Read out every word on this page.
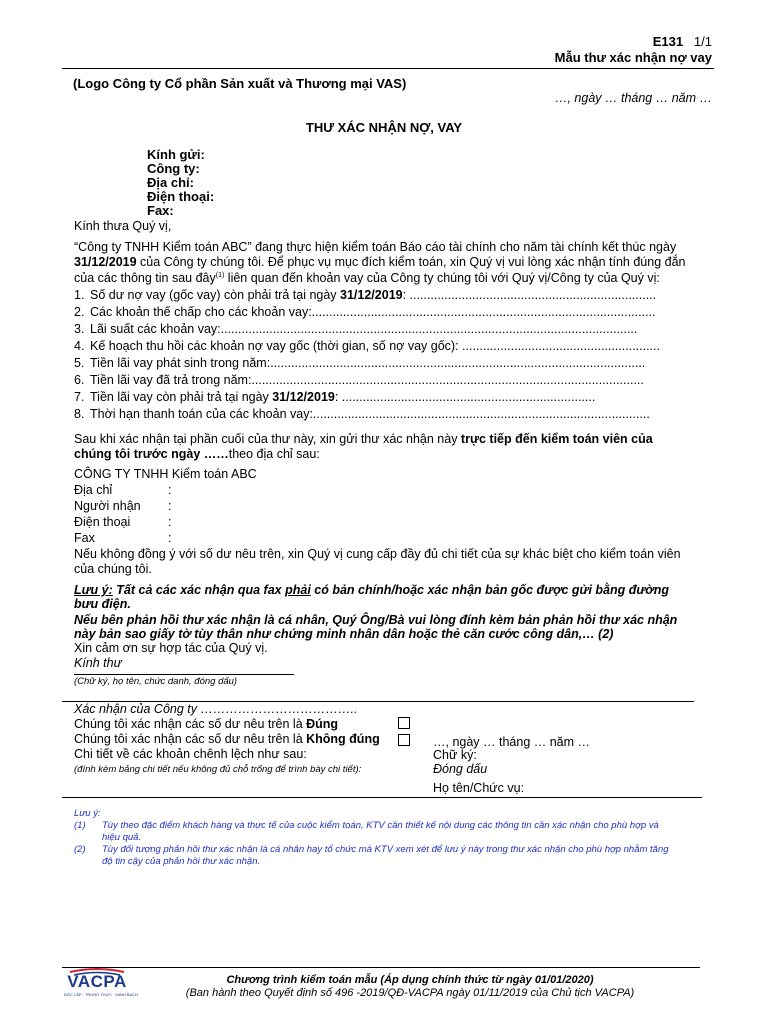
E131 1/1
Mẫu thư xác nhận nợ vay
(Logo Công ty Cổ phần Sản xuất và Thương mại VAS)
…, ngày … tháng … năm …
THƯ XÁC NHẬN NỢ, VAY
Kính gửi:
Công ty:
Địa chỉ:
Điện thoại:
Fax:
Kính thưa Quý vị,
“Công ty TNHH Kiểm toán ABC” đang thực hiện kiểm toán Báo cáo tài chính cho năm tài chính kết thúc ngày
31/12/2019 của Công ty chúng tôi. Để phục vụ mục đích kiểm toán, xin Quý vị vui lòng xác nhận tính đúng đắn
của các thông tin sau đây$^{(1)}$ liên quan đến khoản vay của Công ty chúng tôi với Quý vị/Công ty của Quý vị:
1. Số dư nợ vay (gốc vay) còn phải trả tại ngày 31/12/2019: .......................................................................
2. Các khoản thế chấp cho các khoản vay:...................................................................................................
3. Lãi suất các khoản vay:........................................................................................................................
4. Kế hoạch thu hồi các khoản nợ vay gốc (thời gian, số nợ vay gốc): .........................................................
5. Tiền lãi vay phát sinh trong năm:............................................................................................................
6. Tiền lãi vay đã trả trong năm:.................................................................................................................
7. Tiền lãi vay còn phải trả tại ngày 31/12/2019: .........................................................................
8. Thời hạn thanh toán của các khoản vay:.................................................................................................
Sau khi xác nhận tại phần cuối của thư này, xin gửi thư xác nhận này trực tiếp đến kiểm toán viên của
chúng tôi trước ngày ……theo địa chỉ sau:
CÔNG TY TNHH Kiểm toán ABC
Địa chỉ	:
Người nhận :
Điện thoại	:
Fax	:
Nếu không đồng ý với số dư nêu trên, xin Quý vị cung cấp đầy đủ chi tiết của sự khác biệt cho kiểm toán viên
của chúng tôi.
Lưu ý: Tất cả các xác nhận qua fax phải có bản chính/hoặc xác nhận bản gốc được gửi bằng đường
bưu điện.
Nếu bên phản hồi thư xác nhận là cá nhân, Quý Ông/Bà vui lòng đính kèm bản phản hồi thư xác nhận
này bản sao giấy tờ tùy thân như chứng minh nhân dân hoặc thẻ căn cước công dân,… (2)
Xin cảm ơn sự hợp tác của Quý vị.
Kính thư
(Chữ ký, họ tên, chức danh, đóng dấu)
Xác nhận của Công ty ………………………………..
Chúng tôi xác nhận các số dư nêu trên là Đúng
Chúng tôi xác nhận các số dư nêu trên là Không đúng
Chi tiết về các khoản chênh lệch như sau:
(đính kèm bảng chi tiết nếu không đủ chỗ trống để trình bày chi tiết):
…, ngày … tháng … năm …
Chữ ký:
Đóng dấu
Họ tên/Chức vụ:
Lưu ý:
(1)	Tùy theo đặc điểm khách hàng và thực tế của cuộc kiểm toán, KTV cần thiết kế nội dung các thông tin cần xác nhận cho phù hợp và
hiệu quả.
(2)	Tùy đối tượng phản hồi thư xác nhận là cá nhân hay tổ chức mà KTV xem xét để lưu ý này trong thư xác nhận cho phù hợp nhằm tăng
độ tin cậy của phản hồi thư xác nhận.
VACPA
ĐỘC LẬP · TRUNG THỰC · MINH BẠCH
Chương trình kiểm toán mẫu (Áp dụng chính thức từ ngày 01/01/2020)
(Ban hành theo Quyết định số 496 -2019/QĐ-VACPA ngày 01/11/2019 của Chủ tịch VACPA)
